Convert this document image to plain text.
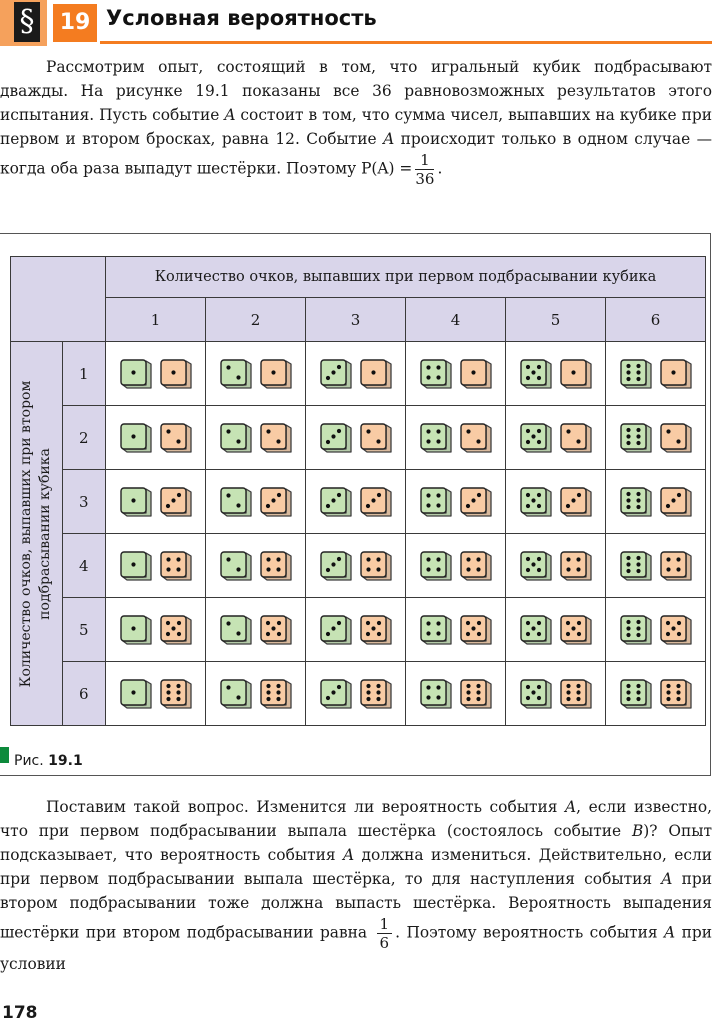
§	19 Условная вероятность

Рассмотрим опыт, состоящий в том, что игральный кубик подбрасывают дважды. На рисунке 19.1 показаны все 36 равновозможных результатов этого испытания. Пусть событие A состоит в том, что сумма чисел, выпавших на кубике при первом и втором бросках, равна 12. Событие A происходит только в одном случае — когда оба раза выпадут шестёрки. Поэтому $P(A) = \frac{1}{36}$ .

		Количество очков, выпавших при первом подбрасывании кубика					
		1	2	3	4	5	6

Количество очков, выпавших при втором подбрасывании кубика	1	

	2	

	3	

	4	

	5	

	6	

Рис. 19.1

Поставим такой вопрос. Изменится ли вероятность события A, если известно, что при первом подбрасывании выпала шестёрка (состоялось событие B)? Опыт подсказывает, что вероятность события A должна измениться. Действительно, если при первом подбрасывании выпала шестёрка, то для наступления события A при втором подбрасывании тоже должна выпасть шестёрка. Вероятность выпадения шестёрки при втором подбрасывании равна $\frac{1}{6}$ . Поэтому вероятность события A при условии

178
